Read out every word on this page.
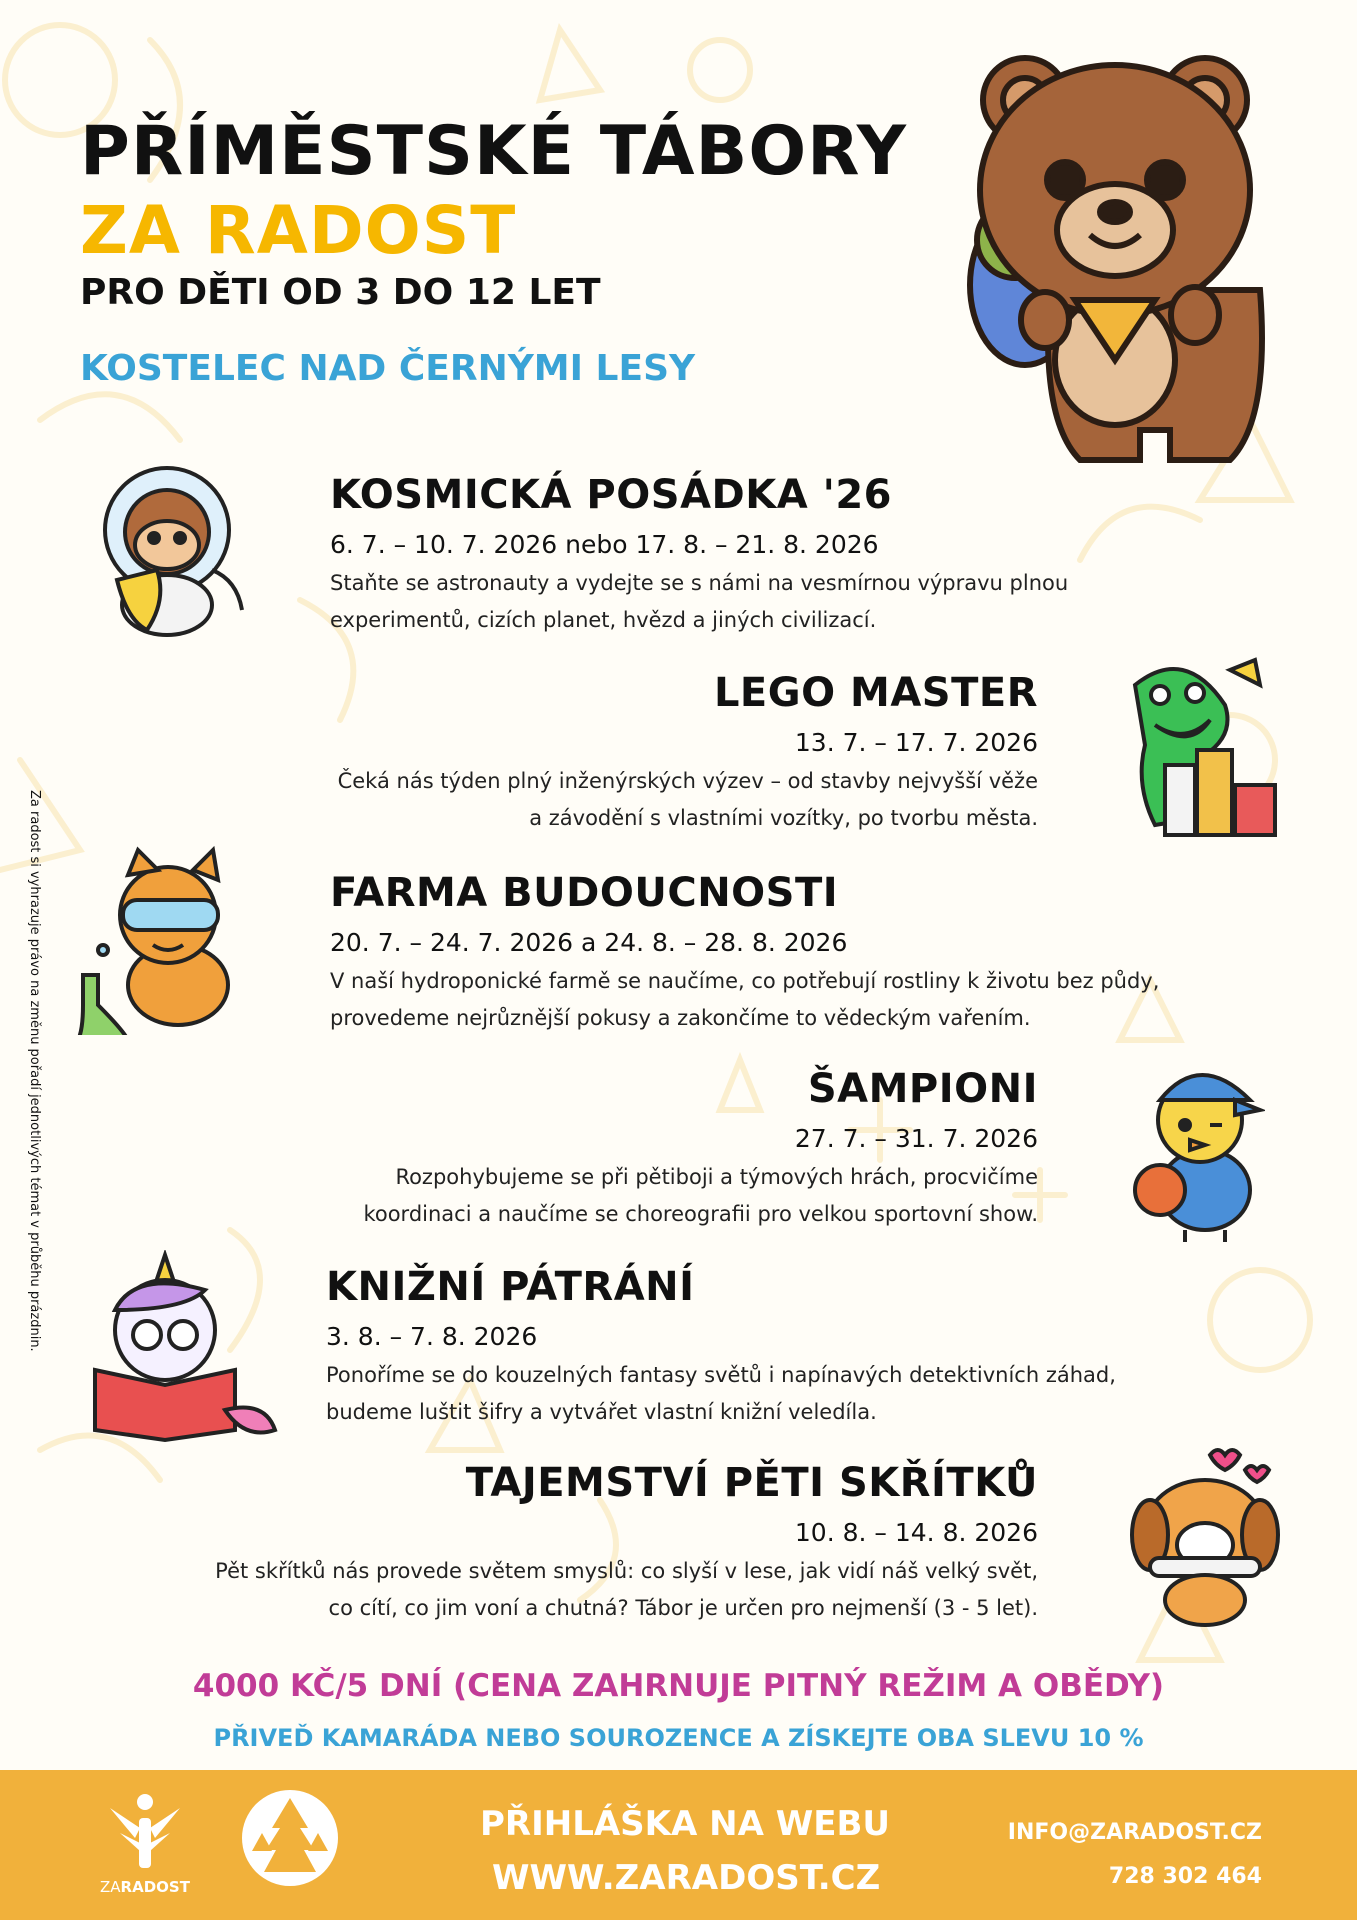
PŘÍMĚSTSKÉ TÁBORY
ZA RADOST
PRO DĚTI OD 3 DO 12 LET
KOSTELEC NAD ČERNÝMI LESY
Za radost si vyhrazuje právo na změnu pořadí jednotlivých témat v průběhu prázdnin.
KOSMICKÁ POSÁDKA '26
6. 7. – 10. 7. 2026 nebo 17. 8. – 21. 8. 2026
Staňte se astronauty a vydejte se s námi na vesmírnou výpravu plnou
experimentů, cizích planet, hvězd a jiných civilizací.
LEGO MASTER
13. 7. – 17. 7. 2026
Čeká nás týden plný inženýrských výzev – od stavby nejvyšší věže
a závodění s vlastními vozítky, po tvorbu města.
FARMA BUDOUCNOSTI
20. 7. – 24. 7. 2026 a 24. 8. – 28. 8. 2026
V naší hydroponické farmě se naučíme, co potřebují rostliny k životu bez půdy,
provedeme nejrůznější pokusy a zakončíme to vědeckým vařením.
ŠAMPIONI
27. 7. – 31. 7. 2026
Rozpohybujeme se při pětiboji a týmových hrách, procvičíme
koordinaci a naučíme se choreografii pro velkou sportovní show.
KNIŽNÍ PÁTRÁNÍ
3. 8. – 7. 8. 2026
Ponoříme se do kouzelných fantasy světů i napínavých detektivních záhad,
budeme luštit šifry a vytvářet vlastní knižní veledíla.
TAJEMSTVÍ PĚTI SKŘÍTKŮ
10. 8. – 14. 8. 2026
Pět skřítků nás provede světem smyslů: co slyší v lese, jak vidí náš velký svět,
co cítí, co jim voní a chutná? Tábor je určen pro nejmenší (3 - 5 let).
4000 KČ/5 DNÍ (CENA ZAHRNUJE PITNÝ REŽIM A OBĚDY)
PŘIVEĎ KAMARÁDA NEBO SOUROZENCE A ZÍSKEJTE OBA SLEVU 10 %
ZARADOST
PŘIHLÁŠKA NA WEBU
WWW.ZARADOST.CZ
INFO@ZARADOST.CZ
728 302 464
